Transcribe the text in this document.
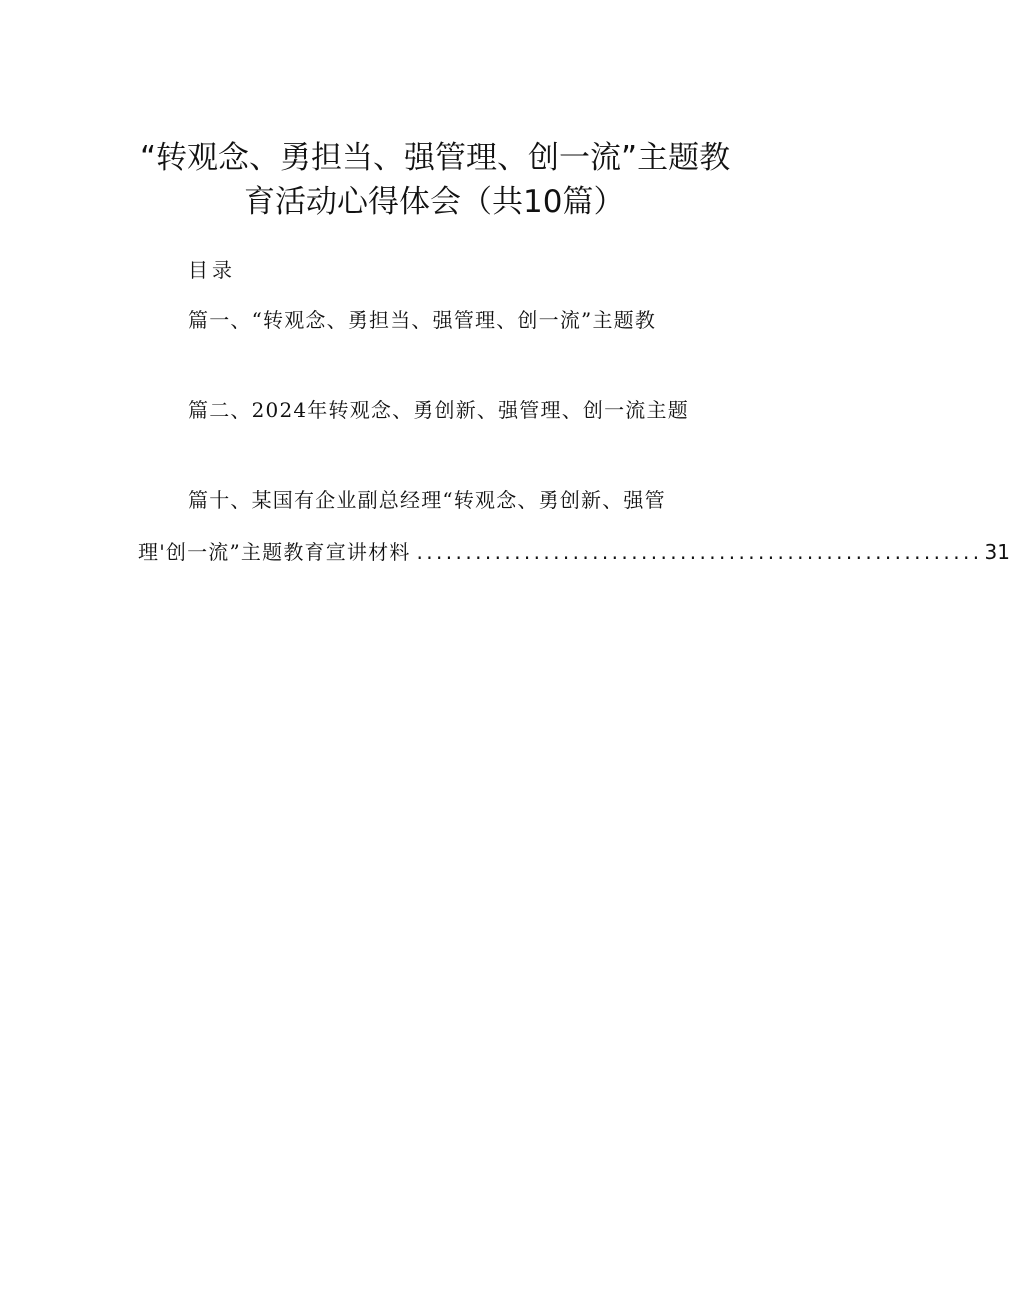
“转观念、勇担当、强管理、创一流”主题教
育活动心得体会（共10篇）
目录
篇一、“转观念、勇担当、强管理、创一流”主题教
篇二、2024年转观念、勇创新、强管理、创一流主题
篇十、某国有企业副总经理“转观念、勇创新、强管
理'创一流”主题教育宣讲材料 .......................................................... 31
